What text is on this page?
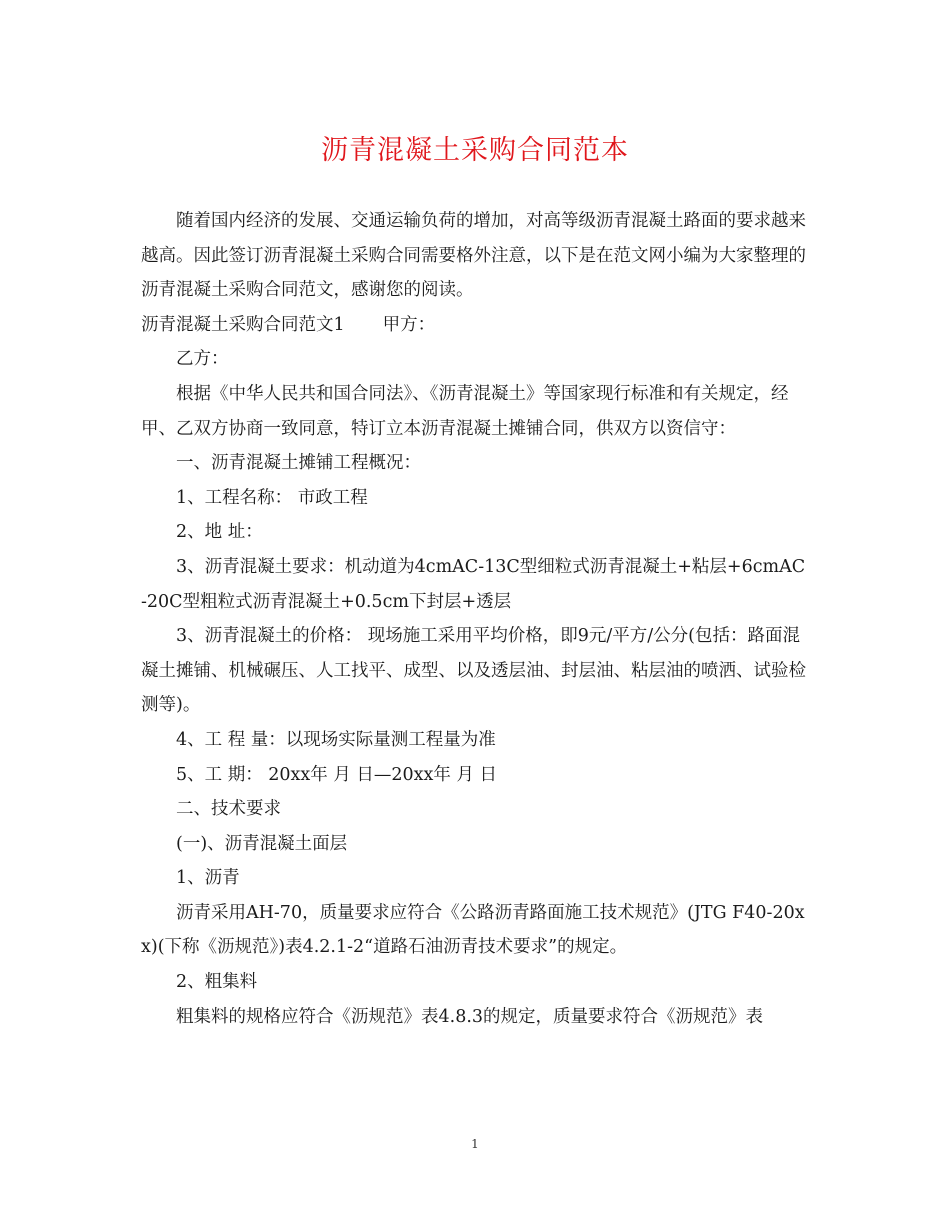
沥青混凝土采购合同范本

随着国内经济的发展、交通运输负荷的增加，对高等级沥青混凝土路面的要求越来越高。因此签订沥青混凝土采购合同需要格外注意，以下是在范文网小编为大家整理的沥青混凝土采购合同范文，感谢您的阅读。

沥青混凝土采购合同范文1 甲方：

乙方：

根据《中华人民共和国合同法》、《沥青混凝土》等国家现行标准和有关规定，经甲、乙双方协商一致同意，特订立本沥青混凝土摊铺合同，供双方以资信守：

一、沥青混凝土摊铺工程概况：

1、工程名称： 市政工程

2、地 址：

3、沥青混凝土要求：机动道为4cmAC-13C型细粒式沥青混凝土+粘层+6cmAC-20C型粗粒式沥青混凝土+0.5cm下封层+透层

3、沥青混凝土的价格： 现场施工采用平均价格，即9元/平方/公分(包括：路面混凝土摊铺、机械碾压、人工找平、成型、以及透层油、封层油、粘层油的喷洒、试验检测等)。

4、工 程 量：以现场实际量测工程量为准

5、工 期： 20xx年 月 日—20xx年 月 日

二、技术要求

(一)、沥青混凝土面层

1、沥青

沥青采用AH-70，质量要求应符合《公路沥青路面施工技术规范》(JTG F40-20xx)(下称《沥规范》)表4.2.1-2“道路石油沥青技术要求”的规定。

2、粗集料

粗集料的规格应符合《沥规范》表4.8.3的规定，质量要求符合《沥规范》表

1
